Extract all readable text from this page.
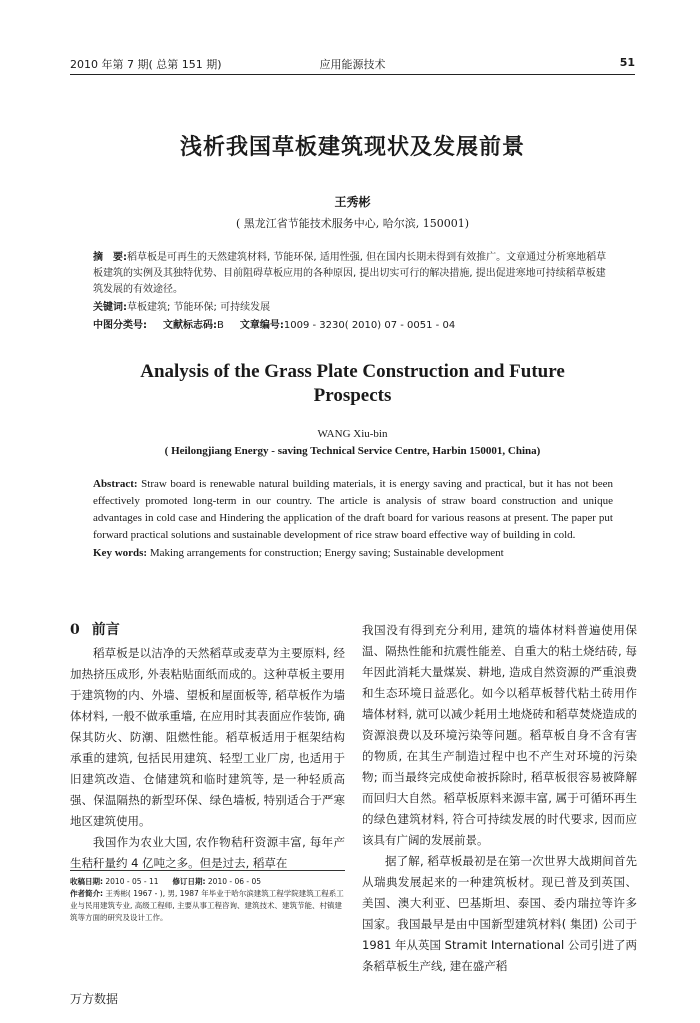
2010 年第 7 期( 总第 151 期)	应用能源技术	51
浅析我国草板建筑现状及发展前景
王秀彬
( 黑龙江省节能技术服务中心, 哈尔滨, 150001)

摘　要:稻草板是可再生的天然建筑材料, 节能环保, 适用性强, 但在国内长期未得到有效推广。文章通过分析寒地稻草板建筑的实例及其独特优势、目前阻碍草板应用的各种原因, 提出切实可行的解决措施, 提出促进寒地可持续稻草板建筑发展的有效途径。

关键词:草板建筑; 节能环保; 可持续发展

中图分类号: 文献标志码:B 文章编号:1009 - 3230( 2010) 07 - 0051 - 04
Analysis of the Grass Plate Construction and Future Prospects
WANG Xiu-bin
( Heilongjiang Energy - saving Technical Service Centre, Harbin 150001, China)

Abstract: Straw board is renewable natural building materials, it is energy saving and practical, but it has not been effectively promoted long-term in our country. The article is analysis of straw board construction and unique advantages in cold case and Hindering the application of the draft board for various reasons at present. The paper put forward practical solutions and sustainable development of rice straw board effective way of building in cold.

Key words: Making arrangements for construction; Energy saving; Sustainable development

0 前言

稻草板是以洁净的天然稻草或麦草为主要原料, 经加热挤压成形, 外表粘贴面纸而成的。这种草板主要用于建筑物的内、外墙、望板和屋面板等, 稻草板作为墙体材料, 一般不做承重墙, 在应用时其表面应作装饰, 确保其防火、防潮、阻燃性能。稻草板适用于框架结构承重的建筑, 包括民用建筑、轻型工业厂房, 也适用于旧建筑改造、仓储建筑和临时建筑等, 是一种轻质高强、保温隔热的新型环保、绿色墙板, 特别适合于严寒地区建筑使用。

我国作为农业大国, 农作物秸秆资源丰富, 每年产生秸秆量约 4 亿吨之多。但是过去, 稻草在

我国没有得到充分利用, 建筑的墙体材料普遍使用保温、隔热性能和抗震性能差、自重大的粘土烧结砖, 每年因此消耗大量煤炭、耕地, 造成自然资源的严重浪费和生态环境日益恶化。如今以稻草板替代粘土砖用作墙体材料, 就可以减少耗用土地烧砖和稻草焚烧造成的资源浪费以及环境污染等问题。稻草板自身不含有害的物质, 在其生产制造过程中也不产生对环境的污染物; 而当最终完成使命被拆除时, 稻草板很容易被降解而回归大自然。稻草板原料来源丰富, 属于可循环再生的绿色建筑材料, 符合可持续发展的时代要求, 因而应该具有广阔的发展前景。

据了解, 稻草板最初是在第一次世界大战期间首先从瑞典发展起来的一种建筑板材。现已普及到英国、美国、澳大利亚、巴基斯坦、泰国、委内瑞拉等许多国家。我国最早是由中国新型建筑材料( 集团) 公司于 1981 年从英国 Stramit International 公司引进了两条稻草板生产线, 建在盛产稻

收稿日期: 2010 - 05 - 11 修订日期: 2010 - 06 - 05
作者简介: 王秀彬( 1967 - ), 男, 1987 年毕业于哈尔滨建筑工程学院建筑工程系工业与民用建筑专业, 高级工程师, 主要从事工程咨询、建筑技术、建筑节能、村镇建筑等方面的研究及设计工作。
万方数据
